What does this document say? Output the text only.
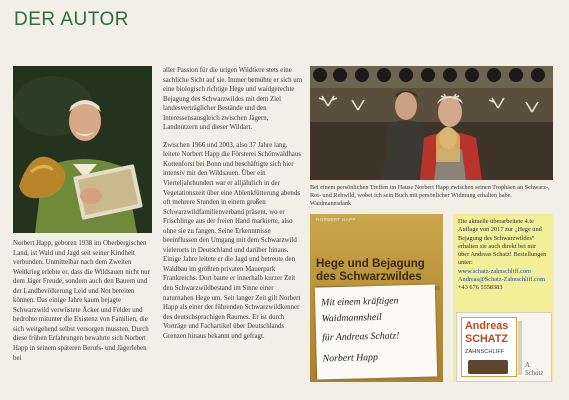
DER AUTOR
Norbert Happ, geboren 1938 im Oberbergischen Land, ist Wald und Jagd seit seiner Kindheit verbunden. Unmittelbar nach dem Zweiten Weltkrieg erlebte er, dass die Wildsauen nicht nur dem Jäger Freude, sondern auch den Bauern und der Landbevölkerung Leid und Not bereiten können. Das einige Jahre kaum bejagte Schwarzwild verwüstete Äcker und Felder und bedrohte mitunter die Existenz von Familien, die sich weitgehend selbst versorgen mussten. Durch diese frühen Erfahrungen bewahrte sich Norbert Happ in seinem späteren Berufs- und Jägerleben bei

aller Passion für die urigen Wildtiere stets eine sachliche Sicht auf sie. Immer bemühte er sich um eine biologisch richtige Hege und waidgerechte Bejagung des Schwarzwildes mit dem Ziel landesverträglicher Bestände und den Interessensausgleich zwischen Jägern, Landnutzern und dieser Wildart.

Zwischen 1966 und 2003, also 37 Jahre lang, leitete Norbert Happ die Försterei Schönwaldhaus Kottenforst bei Bonn und beschäftigte sich hier intensiv mit den Wildsauen. Über ein Vierteljahrhundert war er alljährlich in der Vegetationszeit über eine Ablenkfütterung abends oft mehrere Stunden in einem großen Schwarzwildfamilienverband präsent, wo er Frischlinge aus der freien Hand markierte, also ohne sie zu fangen. Seine Erkenntnisse beeinflussen den Umgang mit dem Schwarzwild vielerorts in Deutschland und darüber hinaus. Einige Jahre leitete er die Jagd und betreute den Waldbau im größten privaten Mauerpark Frankreichs. Dort baute er innerhalb kurzer Zeit den Schwarzwildbestand im Sinne einer naturnahen Hege um. Seit langer Zeit gilt Norbert Happ als einer der führenden Schwarzwildkenner des deutschsprachigen Raumes. Er ist durch Vorträge und Fachartikel über Deutschlands Grenzen hinaus bekannt und gefragt.

Bei einem persönlichen Treffen im Hause Norbert Happ zwischen seinen Trophäen an Schwarz-, Rot- und Rehwild, wobei ich sein Buch mit persönlicher Widmung erhalten habe. Waidmannsdank
NORBERT HAPP
Hege und Bejagung des Schwarzwildes
Mit einem kräftigen
Waidmannsheil
für Andreas Schatz!
Norbert Happ
Die aktuelle überarbeitete 4.te Auflage von 2017 zur „Hege und Bejagung des Schwarzwildes“ erhalten sie auch direkt bei mir über Andreas Schatz! Bestellungen unter:
www.schatz-zahnschliff.com
Andreas@Schatz-Zahnschliff.com
+43 676 5558383
Andreas
SCHATZ
ZAHNSCHLIFF
A. Schatz
